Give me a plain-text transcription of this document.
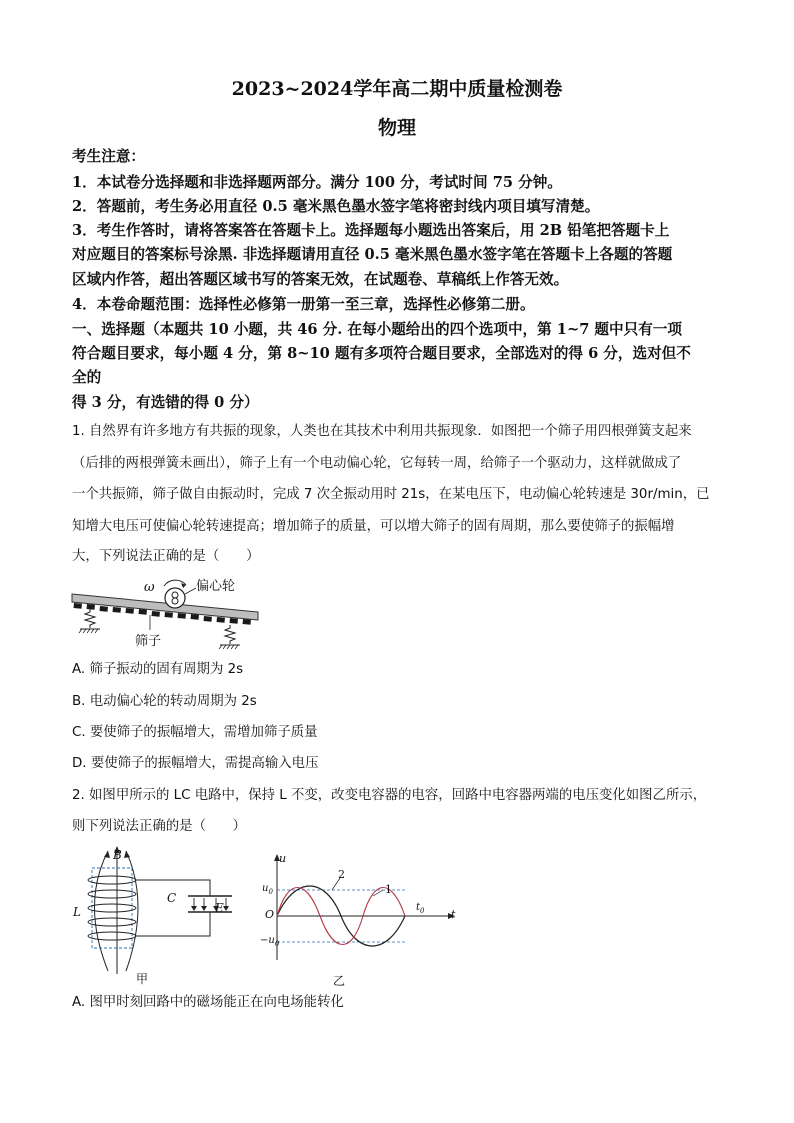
2023~2024学年高二期中质量检测卷
物理
考生注意：
1．本试卷分选择题和非选择题两部分。满分 100 分，考试时间 75 分钟。
2．答题前，考生务必用直径 0.5 毫米黑色墨水签字笔将密封线内项目填写清楚。
3．考生作答时，请将答案答在答题卡上。选择题每小题选出答案后，用 2B 铅笔把答题卡上
对应题目的答案标号涂黑. 非选择题请用直径 0.5 毫米黑色墨水签字笔在答题卡上各题的答题
区域内作答，超出答题区域书写的答案无效，在试题卷、草稿纸上作答无效。
4．本卷命题范围：选择性必修第一册第一至三章，选择性必修第二册。
一、选择题（本题共 10 小题，共 46 分. 在每小题给出的四个选项中，第 1~7 题中只有一项
符合题目要求，每小题 4 分，第 8~10 题有多项符合题目要求，全部选对的得 6 分，选对但不
全的
得 3 分，有选错的得 0 分）
1. 自然界有许多地方有共振的现象，人类也在其技术中利用共振现象．如图把一个筛子用四根弹簧支起来
（后排的两根弹簧未画出），筛子上有一个电动偏心轮，它每转一周，给筛子一个驱动力，这样就做成了
一个共振筛，筛子做自由振动时，完成 7 次全振动用时 21s，在某电压下，电动偏心轮转速是 30r/min，已
知增大电压可使偏心轮转速提高；增加筛子的质量，可以增大筛子的固有周期，那么要使筛子的振幅增
大，下列说法正确的是（　　）
ω	偏心轮
筛子
A. 筛子振动的固有周期为 2s
B. 电动偏心轮的转动周期为 2s
C. 要使筛子的振幅增大，需增加筛子质量
D. 要使筛子的振幅增大，需提高输入电压
2. 如图甲所示的 LC 电路中，保持 L 不变，改变电容器的电容，回路中电容器两端的电压变化如图乙所示，
则下列说法正确的是（　　）
B
L
C
E
甲
u
$u_0$
$-u_0$
O	t
$t_0$
2
1
乙
A. 图甲时刻回路中的磁场能正在向电场能转化
